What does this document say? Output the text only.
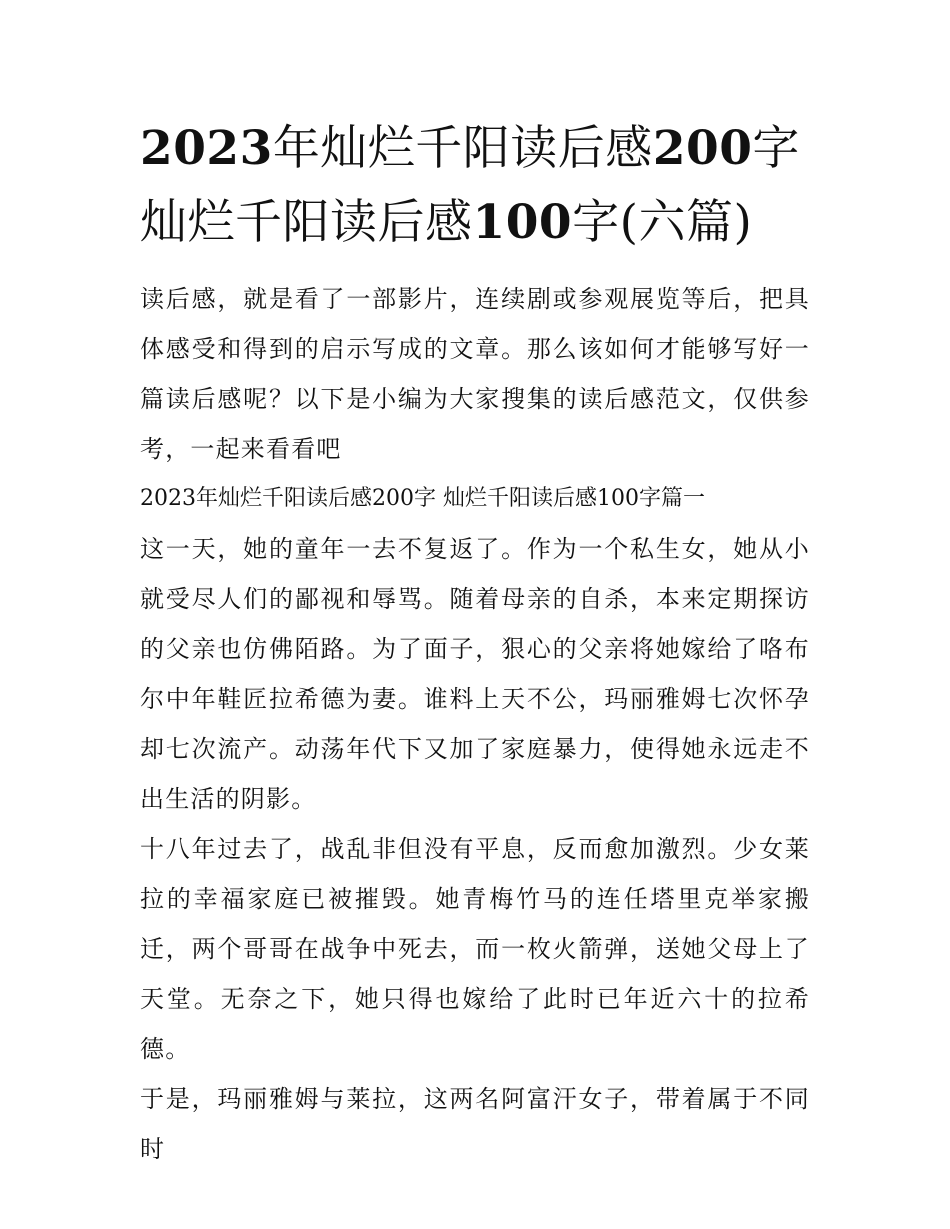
2023年灿烂千阳读后感200字
灿烂千阳读后感100字(六篇)

读后感，就是看了一部影片，连续剧或参观展览等后，把具体感受和得到的启示写成的文章。那么该如何才能够写好一篇读后感呢？以下是小编为大家搜集的读后感范文，仅供参考，一起来看看吧

2023年灿烂千阳读后感200字 灿烂千阳读后感100字篇一

这一天，她的童年一去不复返了。作为一个私生女，她从小就受尽人们的鄙视和辱骂。随着母亲的自杀，本来定期探访的父亲也仿佛陌路。为了面子，狠心的父亲将她嫁给了咯布尔中年鞋匠拉希德为妻。谁料上天不公，玛丽雅姆七次怀孕却七次流产。动荡年代下又加了家庭暴力，使得她永远走不出生活的阴影。

十八年过去了，战乱非但没有平息，反而愈加激烈。少女莱拉的幸福家庭已被摧毁。她青梅竹马的连任塔里克举家搬迁，两个哥哥在战争中死去，而一枚火箭弹，送她父母上了天堂。无奈之下，她只得也嫁给了此时已年近六十的拉希德。

于是，玛丽雅姆与莱拉，这两名阿富汗女子，带着属于不同时
